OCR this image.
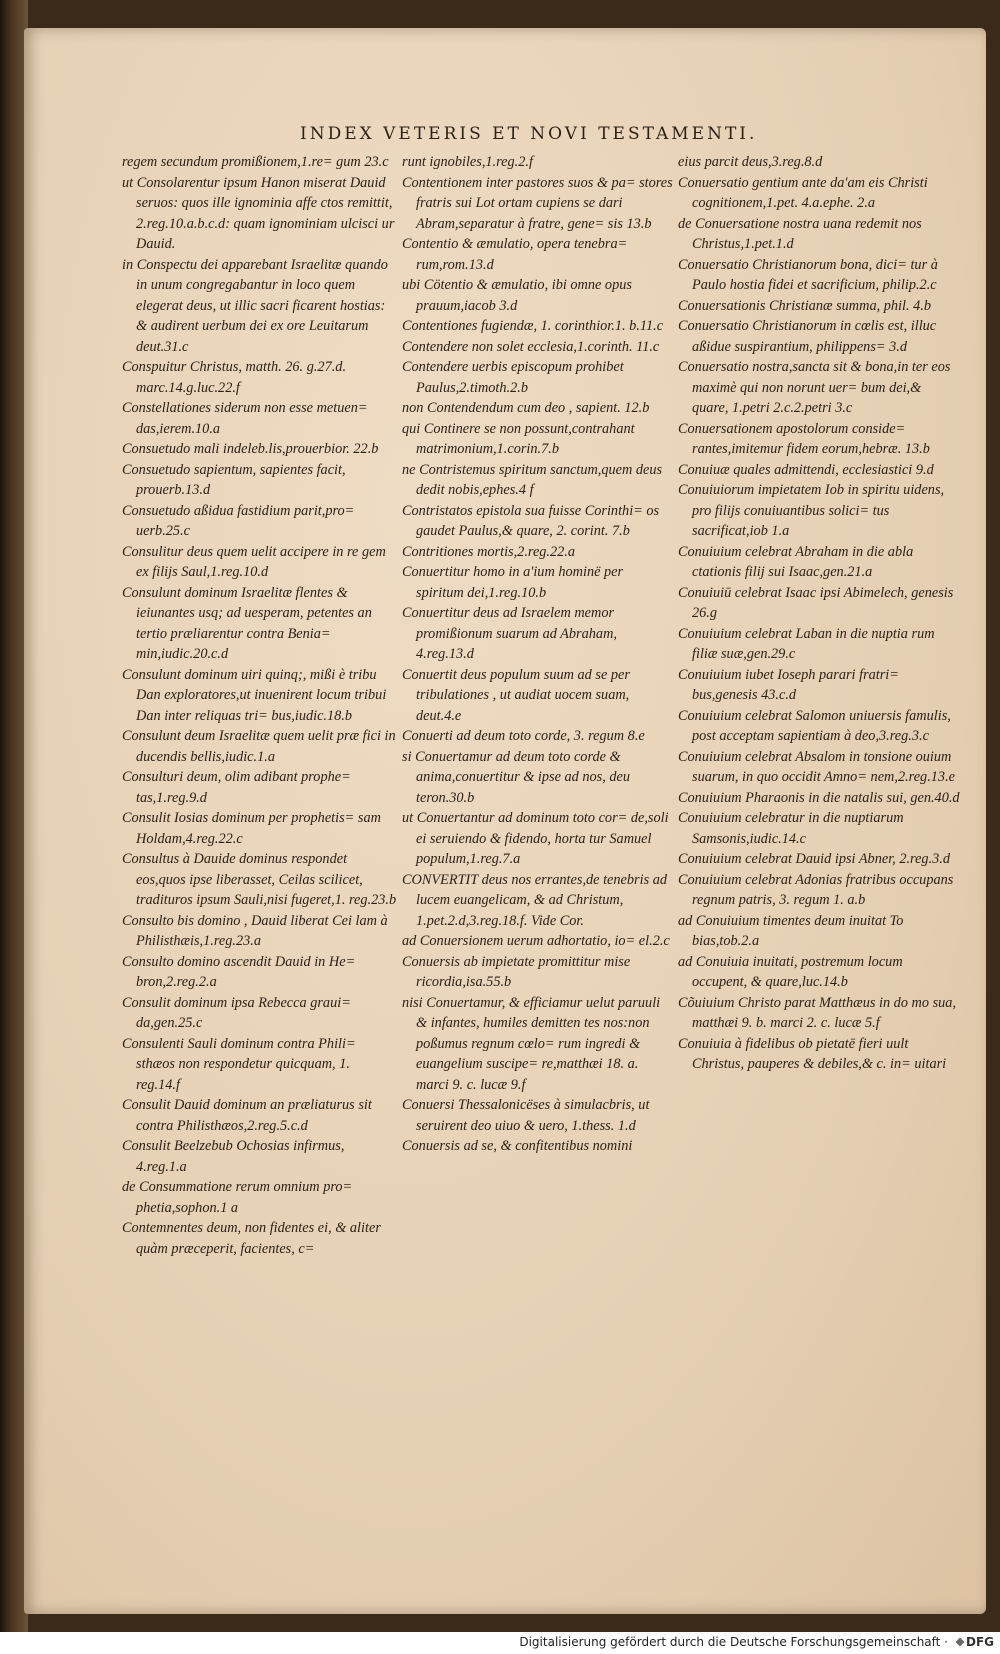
INDEX VETERIS ET NOVI TESTAMENTI.

regem secundum promißionem,1.re= gum 23.c

ut Consolarentur ipsum Hanon miserat Dauid seruos: quos ille ignominia affe ctos remittit, 2.reg.10.a.b.c.d: quam ignominiam ulcisci ur Dauid.

in Conspectu dei apparebant Israelitæ quando in unum congregabantur in loco quem elegerat deus, ut illic sacri ficarent hostias: & audirent uerbum dei ex ore Leuitarum deut.31.c

Conspuitur Christus, matth. 26. g.27.d. marc.14.g.luc.22.f

Constellationes siderum non esse metuen= das,ierem.10.a

Consuetudo mali indeleb.lis,prouerbior. 22.b

Consuetudo sapientum, sapientes facit, prouerb.13.d

Consuetudo aßidua fastidium parit,pro= uerb.25.c

Consulitur deus quem uelit accipere in re gem ex filijs Saul,1.reg.10.d

Consulunt dominum Israelitæ flentes & ieiunantes usq; ad uesperam, petentes an tertio præliarentur contra Benia= min,iudic.20.c.d

Consulunt dominum uiri quinq;, mißi è tribu Dan exploratores,ut inuenirent locum tribui Dan inter reliquas tri= bus,iudic.18.b

Consulunt deum Israelitæ quem uelit præ fici in ducendis bellis,iudic.1.a

Consulturi deum, olim adibant prophe= tas,1.reg.9.d

Consulit Iosias dominum per prophetis= sam Holdam,4.reg.22.c

Consultus à Dauide dominus respondet eos,quos ipse liberasset, Ceilas scilicet, tradituros ipsum Sauli,nisi fugeret,1. reg.23.b

Consulto bis domino , Dauid liberat Cei lam à Philisthæis,1.reg.23.a

Consulto domino ascendit Dauid in He= bron,2.reg.2.a

Consulit dominum ipsa Rebecca graui= da,gen.25.c

Consulenti Sauli dominum contra Phili= sthæos non respondetur quicquam, 1. reg.14.f

Consulit Dauid dominum an præliaturus sit contra Philisthæos,2.reg.5.c.d

Consulit Beelzebub Ochosias infirmus, 4.reg.1.a

de Consummatione rerum omnium pro= phetia,sophon.1 a

Contemnentes deum, non fidentes ei, & aliter quàm præceperit, facientes, c=

runt ignobiles,1.reg.2.f

Contentionem inter pastores suos & pa= stores fratris sui Lot ortam cupiens se dari Abram,separatur à fratre, gene= sis 13.b

Contentio & æmulatio, opera tenebra= rum,rom.13.d

ubi Cötentio & æmulatio, ibi omne opus prauum,iacob 3.d

Contentiones fugiendæ, 1. corinthior.1. b.11.c

Contendere non solet ecclesia,1.corinth. 11.c

Contendere uerbis episcopum prohibet Paulus,2.timoth.2.b

non Contendendum cum deo , sapient. 12.b

qui Continere se non possunt,contrahant matrimonium,1.corin.7.b

ne Contristemus spiritum sanctum,quem deus dedit nobis,ephes.4 f

Contristatos epistola sua fuisse Corinthi= os gaudet Paulus,& quare, 2. corint. 7.b

Contritiones mortis,2.reg.22.a

Conuertitur homo in a'ium hominë per spiritum dei,1.reg.10.b

Conuertitur deus ad Israelem memor promißionum suarum ad Abraham, 4.reg.13.d

Conuertit deus populum suum ad se per tribulationes , ut audiat uocem suam, deut.4.e

Conuerti ad deum toto corde, 3. regum 8.e

si Conuertamur ad deum toto corde & anima,conuertitur & ipse ad nos, deu teron.30.b

ut Conuertantur ad dominum toto cor= de,soli ei seruiendo & fidendo, horta tur Samuel populum,1.reg.7.a

CONVERTIT deus nos errantes,de tenebris ad lucem euangelicam, & ad Christum, 1.pet.2.d,3.reg.18.f. Vide Cor.

ad Conuersionem uerum adhortatio, io= el.2.c

Conuersis ab impietate promittitur mise ricordia,isa.55.b

nisi Conuertamur, & efficiamur uelut paruuli & infantes, humiles demitten tes nos:non poßumus regnum cœlo= rum ingredi & euangelium suscipe= re,matthæi 18. a. marci 9. c. lucæ 9.f

Conuersi Thessalonicëses à simulacbris, ut seruirent deo uiuo & uero, 1.thess. 1.d

Conuersis ad se, & confitentibus nomini

eius parcit deus,3.reg.8.d

Conuersatio gentium ante da'am eis Christi cognitionem,1.pet. 4.a.ephe. 2.a

de Conuersatione nostra uana redemit nos Christus,1.pet.1.d

Conuersatio Christianorum bona, dici= tur à Paulo hostia fidei et sacrificium, philip.2.c

Conuersationis Christianæ summa, phil. 4.b

Conuersatio Christianorum in cœlis est, illuc aßidue suspirantium, philippens= 3.d

Conuersatio nostra,sancta sit & bona,in ter eos maximè qui non norunt uer= bum dei,& quare, 1.petri 2.c.2.petri 3.c

Conuersationem apostolorum conside= rantes,imitemur fidem eorum,hebræ. 13.b

Conuiuæ quales admittendi, ecclesiastici 9.d

Conuiuiorum impietatem Iob in spiritu uidens, pro filijs conuiuantibus solici= tus sacrificat,iob 1.a

Conuiuium celebrat Abraham in die abla ctationis filij sui Isaac,gen.21.a

Conuiuiū celebrat Isaac ipsi Abimelech, genesis 26.g

Conuiuium celebrat Laban in die nuptia rum filiæ suæ,gen.29.c

Conuiuium iubet Ioseph parari fratri= bus,genesis 43.c.d

Conuiuium celebrat Salomon uniuersis famulis, post acceptam sapientiam à deo,3.reg.3.c

Conuiuium celebrat Absalom in tonsione ouium suarum, in quo occidit Amno= nem,2.reg.13.e

Conuiuium Pharaonis in die natalis sui, gen.40.d

Conuiuium celebratur in die nuptiarum Samsonis,iudic.14.c

Conuiuium celebrat Dauid ipsi Abner, 2.reg.3.d

Conuiuium celebrat Adonias fratribus occupans regnum patris, 3. regum 1. a.b

ad Conuiuium timentes deum inuitat To bias,tob.2.a

ad Conuiuia inuitati, postremum locum occupent, & quare,luc.14.b

Cõuiuium Christo parat Matthæus in do mo sua, matthæi 9. b. marci 2. c. lucæ 5.f

Conuiuia à fidelibus ob pietatē fieri uult Christus, pauperes & debiles,& c. in= uitari

Digitalisierung gefördert durch die Deutsche Forschungsgemeinschaft ·	DFG
